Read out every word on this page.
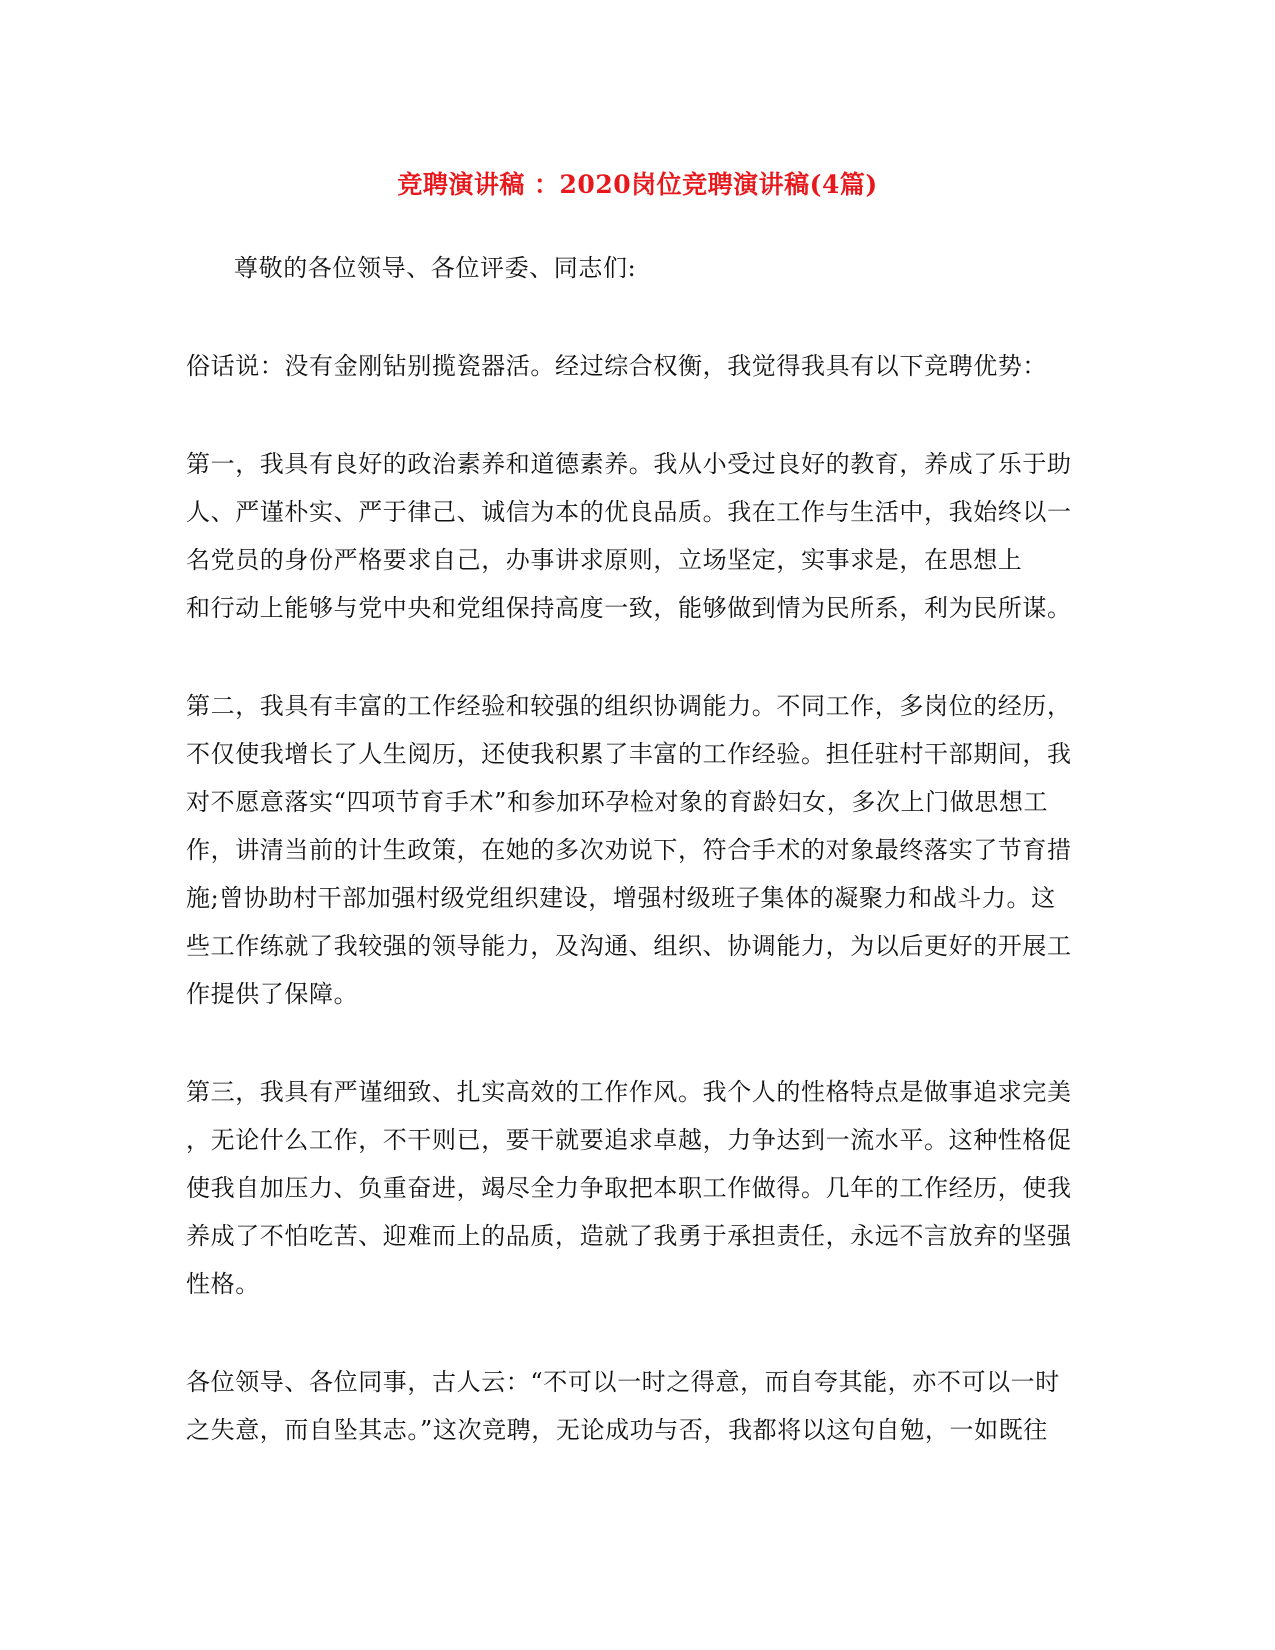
竞聘演讲稿 ：2020岗位竞聘演讲稿(4篇)

尊敬的各位领导、各位评委、同志们:

俗话说：没有金刚钻别揽瓷器活。经过综合权衡，我觉得我具有以下竞聘优势：

第一，我具有良好的政治素养和道德素养。我从小受过良好的教育，养成了乐于助
人、严谨朴实、严于律己、诚信为本的优良品质。我在工作与生活中，我始终以一
名党员的身份严格要求自己，办事讲求原则，立场坚定，实事求是，在思想上
和行动上能够与党中央和党组保持高度一致，能够做到情为民所系，利为民所谋。

第二，我具有丰富的工作经验和较强的组织协调能力。不同工作，多岗位的经历，
不仅使我增长了人生阅历，还使我积累了丰富的工作经验。担任驻村干部期间，我
对不愿意落实“四项节育手术”和参加环孕检对象的育龄妇女，多次上门做思想工
作，讲清当前的计生政策，在她的多次劝说下，符合手术的对象最终落实了节育措
施;曾协助村干部加强村级党组织建设，增强村级班子集体的凝聚力和战斗力。这
些工作练就了我较强的领导能力，及沟通、组织、协调能力，为以后更好的开展工
作提供了保障。

第三，我具有严谨细致、扎实高效的工作作风。我个人的性格特点是做事追求完美
，无论什么工作，不干则已，要干就要追求卓越，力争达到一流水平。这种性格促
使我自加压力、负重奋进，竭尽全力争取把本职工作做得。几年的工作经历，使我
养成了不怕吃苦、迎难而上的品质，造就了我勇于承担责任，永远不言放弃的坚强
性格。

各位领导、各位同事，古人云：“不可以一时之得意，而自夸其能，亦不可以一时
之失意，而自坠其志。”这次竞聘，无论成功与否，我都将以这句自勉，一如既往
